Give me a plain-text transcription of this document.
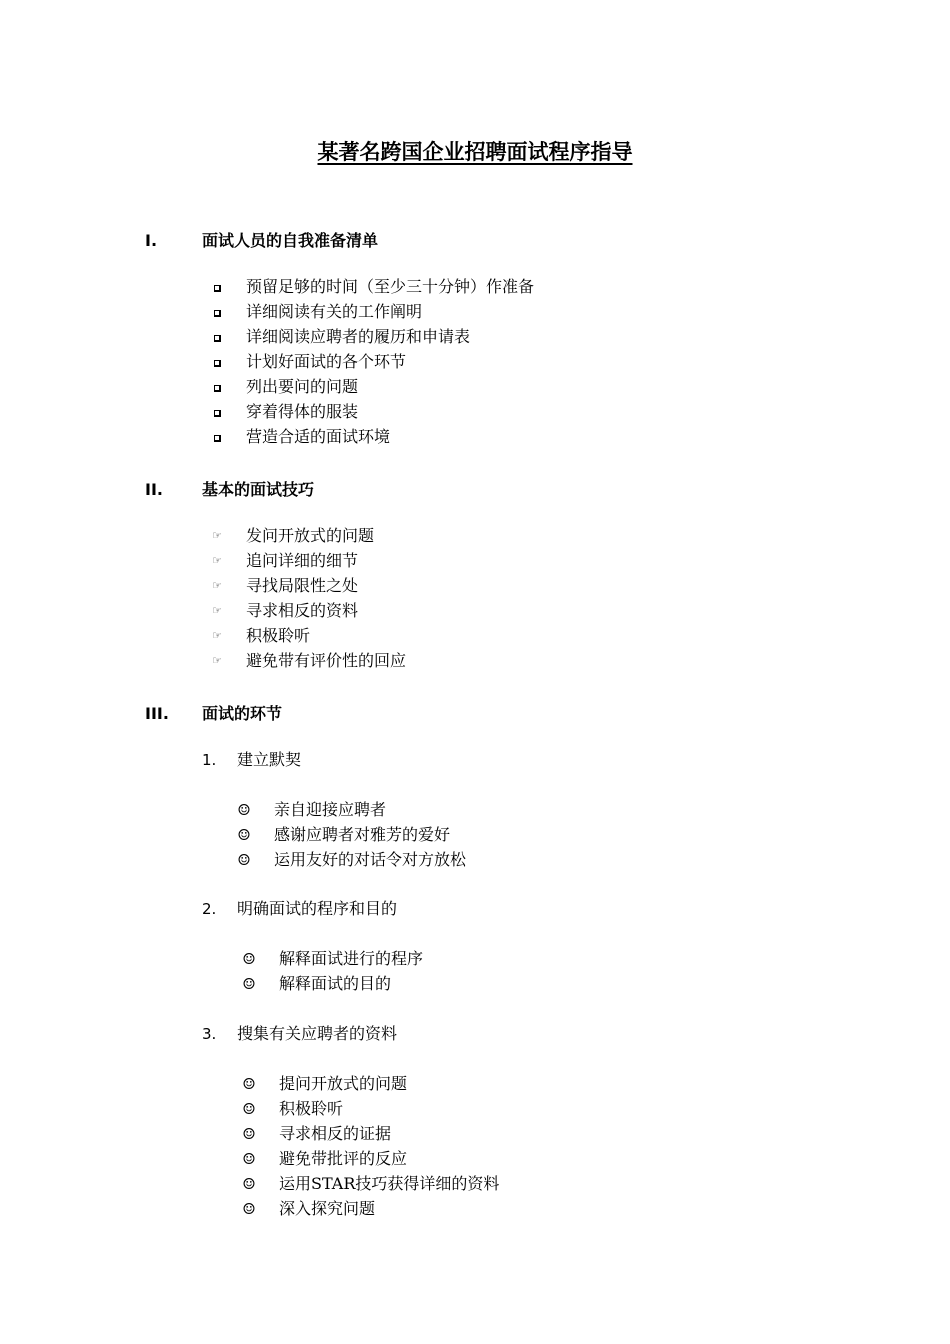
某著名跨国企业招聘面试程序指导
I.	面试人员的自我准备清单
预留足够的时间（至少三十分钟）作准备
详细阅读有关的工作阐明
详细阅读应聘者的履历和申请表
计划好面试的各个环节
列出要问的问题
穿着得体的服装
营造合适的面试环境
II. 基本的面试技巧
☞ 发问开放式的问题
☞ 追问详细的细节
☞ 寻找局限性之处
☞ 寻求相反的资料
☞ 积极聆听
☞ 避免带有评价性的回应
III. 面试的环节
1. 建立默契
☺ 亲自迎接应聘者
☺ 感谢应聘者对雅芳的爱好
☺ 运用友好的对话令对方放松
2. 明确面试的程序和目的
☺ 解释面试进行的程序
☺ 解释面试的目的
3. 搜集有关应聘者的资料
☺ 提问开放式的问题
☺ 积极聆听
☺ 寻求相反的证据
☺ 避免带批评的反应
☺ 运用STAR技巧获得详细的资料
☺ 深入探究问题
